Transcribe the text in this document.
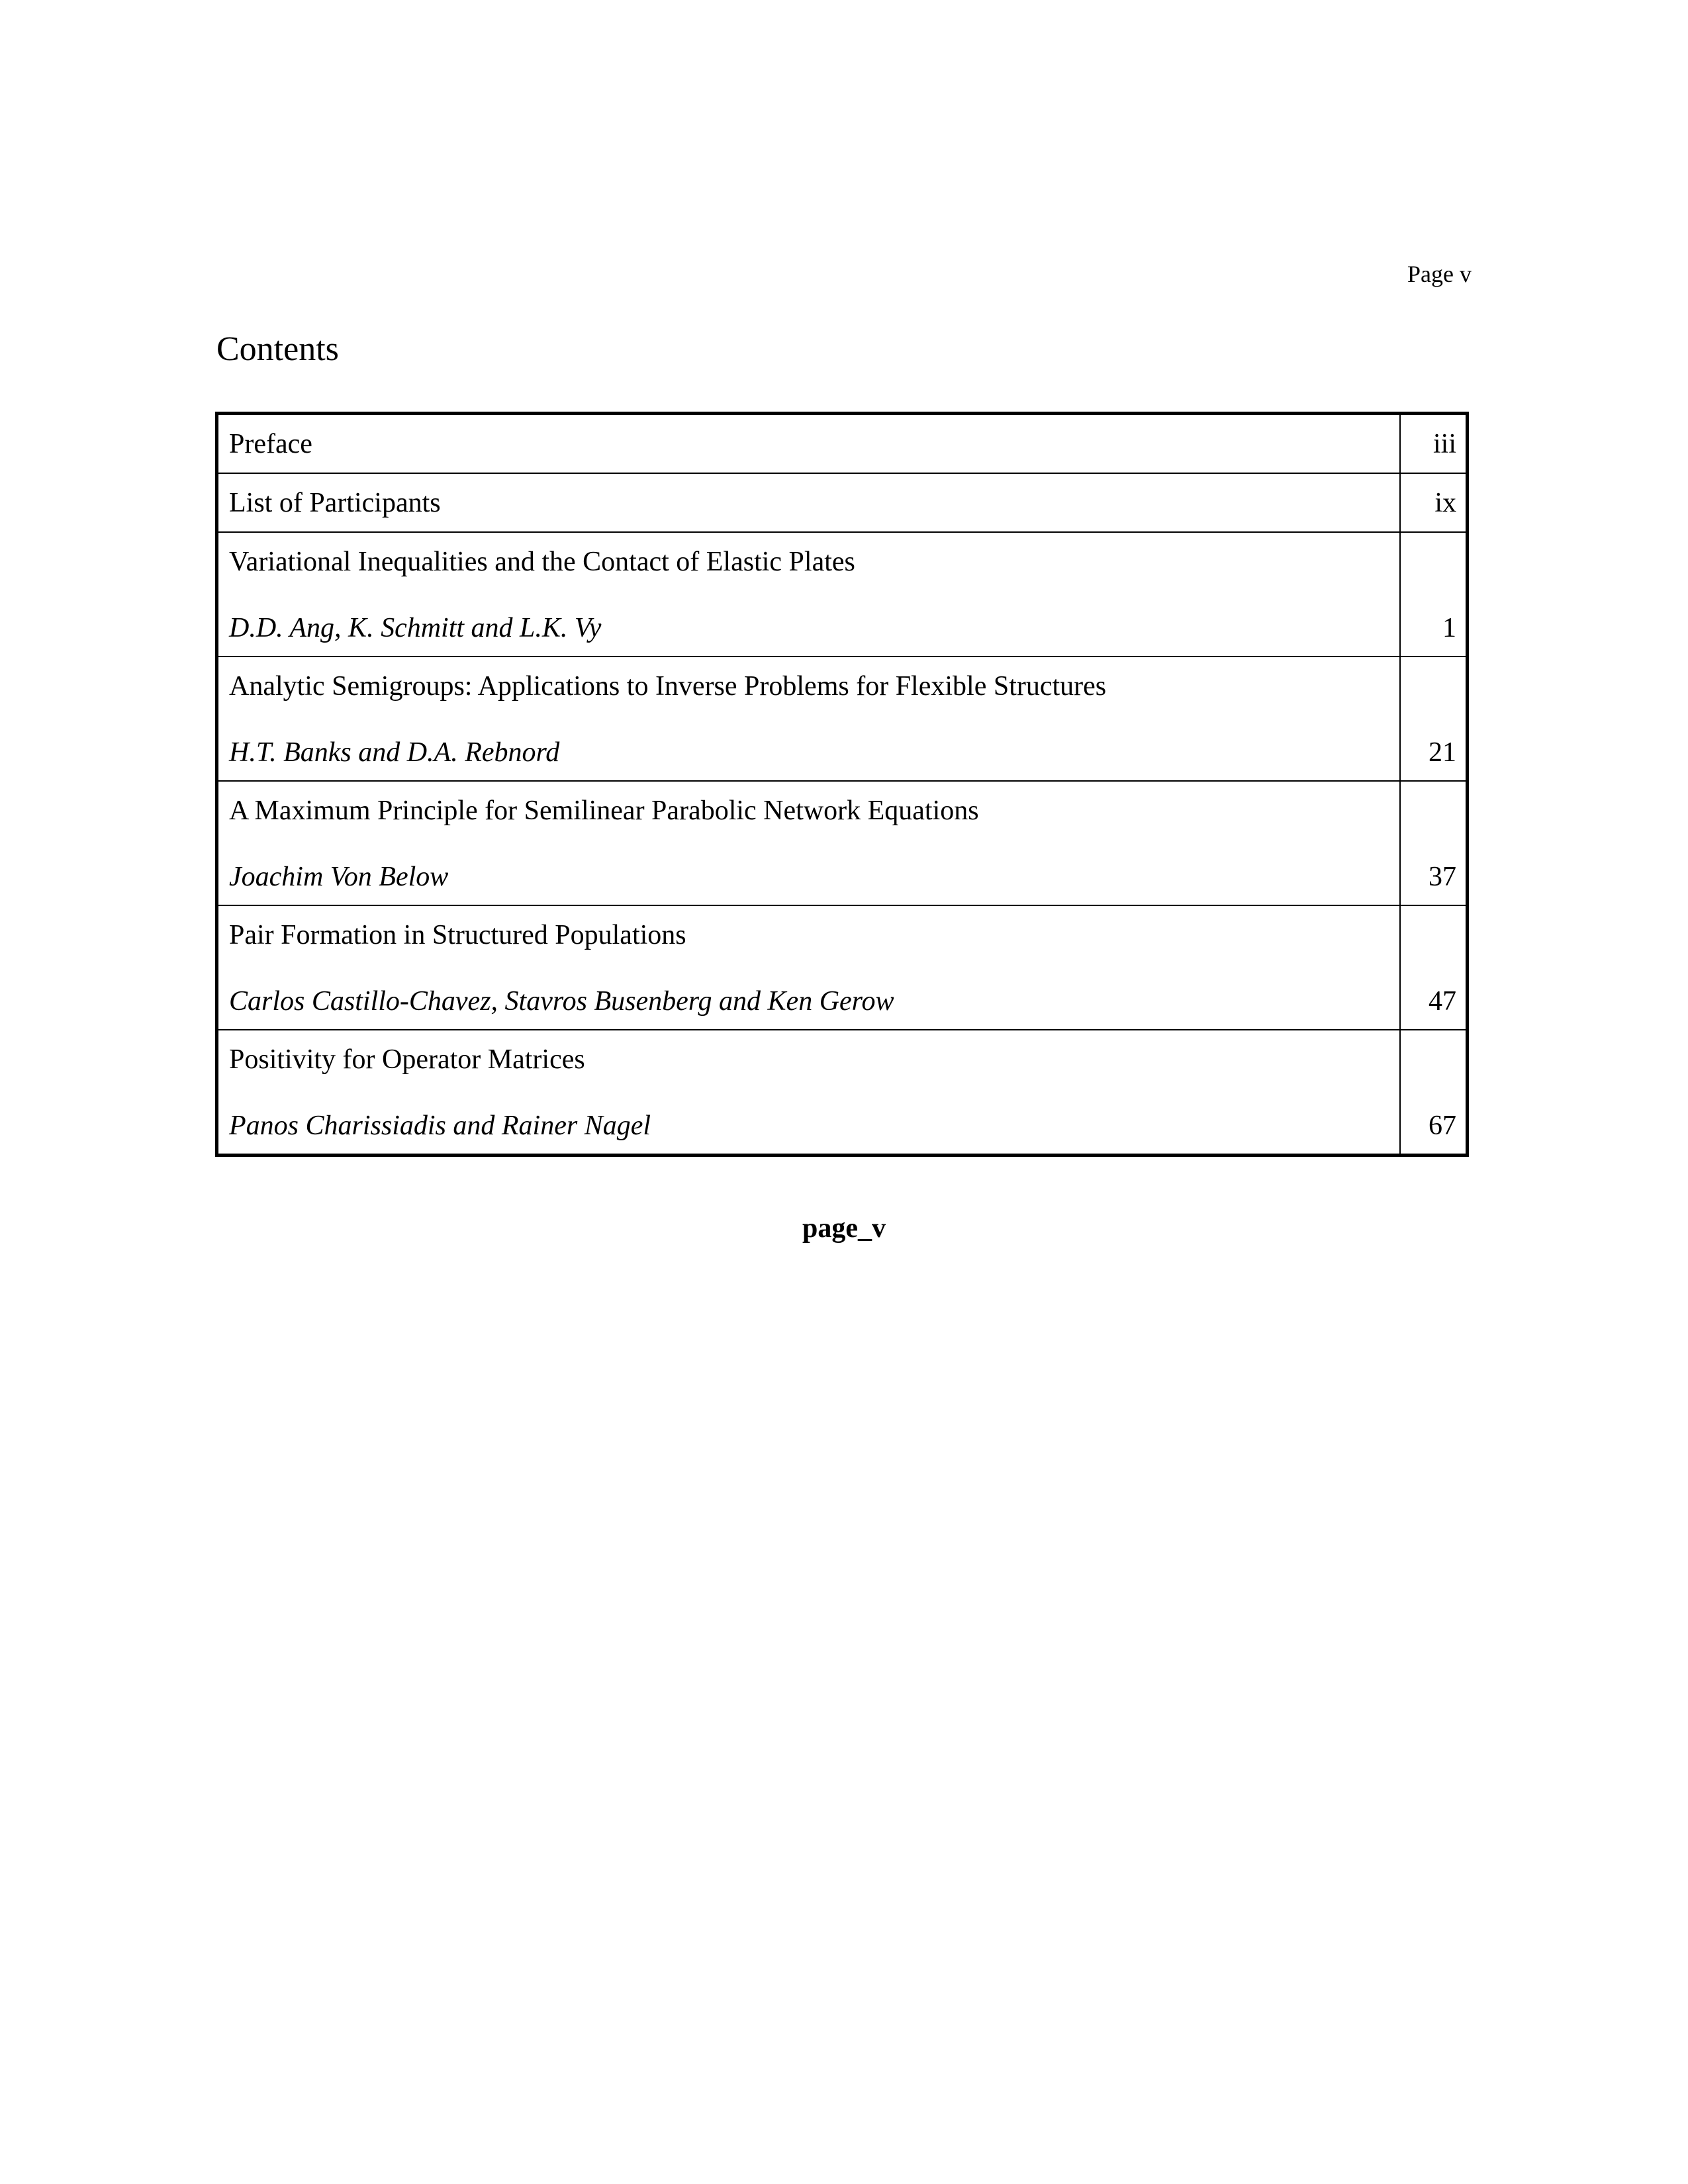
Page v
Contents
Preface	iii
List of Participants	ix
Variational Inequalities and the Contact of Elastic Plates
D.D. Ang, K. Schmitt and L.K. Vy	1
Analytic Semigroups: Applications to Inverse Problems for Flexible Structures
H.T. Banks and D.A. Rebnord	21
A Maximum Principle for Semilinear Parabolic Network Equations
Joachim Von Below	37
Pair Formation in Structured Populations
Carlos Castillo-Chavez, Stavros Busenberg and Ken Gerow	47
Positivity for Operator Matrices
Panos Charissiadis and Rainer Nagel	67
page_v
